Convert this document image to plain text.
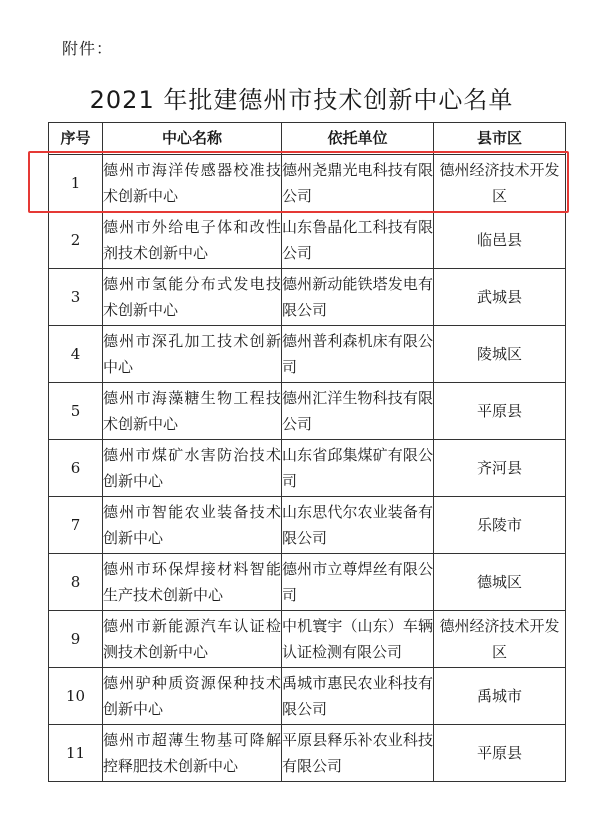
附件：
2021 年批建德州市技术创新中心名单
序号	中心名称	依托单位	县市区
1	德州市海洋传感器校准技术创新中心	德州尧鼎光电科技有限公司	德州经济技术开发区
2	德州市外给电子体和改性剂技术创新中心	山东鲁晶化工科技有限公司	临邑县
3	德州市氢能分布式发电技术创新中心	德州新动能铁塔发电有限公司	武城县
4	德州市深孔加工技术创新中心	德州普利森机床有限公司	陵城区
5	德州市海藻糖生物工程技术创新中心	德州汇洋生物科技有限公司	平原县
6	德州市煤矿水害防治技术创新中心	山东省邱集煤矿有限公司	齐河县
7	德州市智能农业装备技术创新中心	山东思代尔农业装备有限公司	乐陵市
8	德州市环保焊接材料智能生产技术创新中心	德州市立尊焊丝有限公司	德城区
9	德州市新能源汽车认证检测技术创新中心	中机寰宇（山东）车辆认证检测有限公司	德州经济技术开发区
10	德州驴种质资源保种技术创新中心	禹城市惠民农业科技有限公司	禹城市
11	德州市超薄生物基可降解控释肥技术创新中心	平原县释乐补农业科技有限公司	平原县
